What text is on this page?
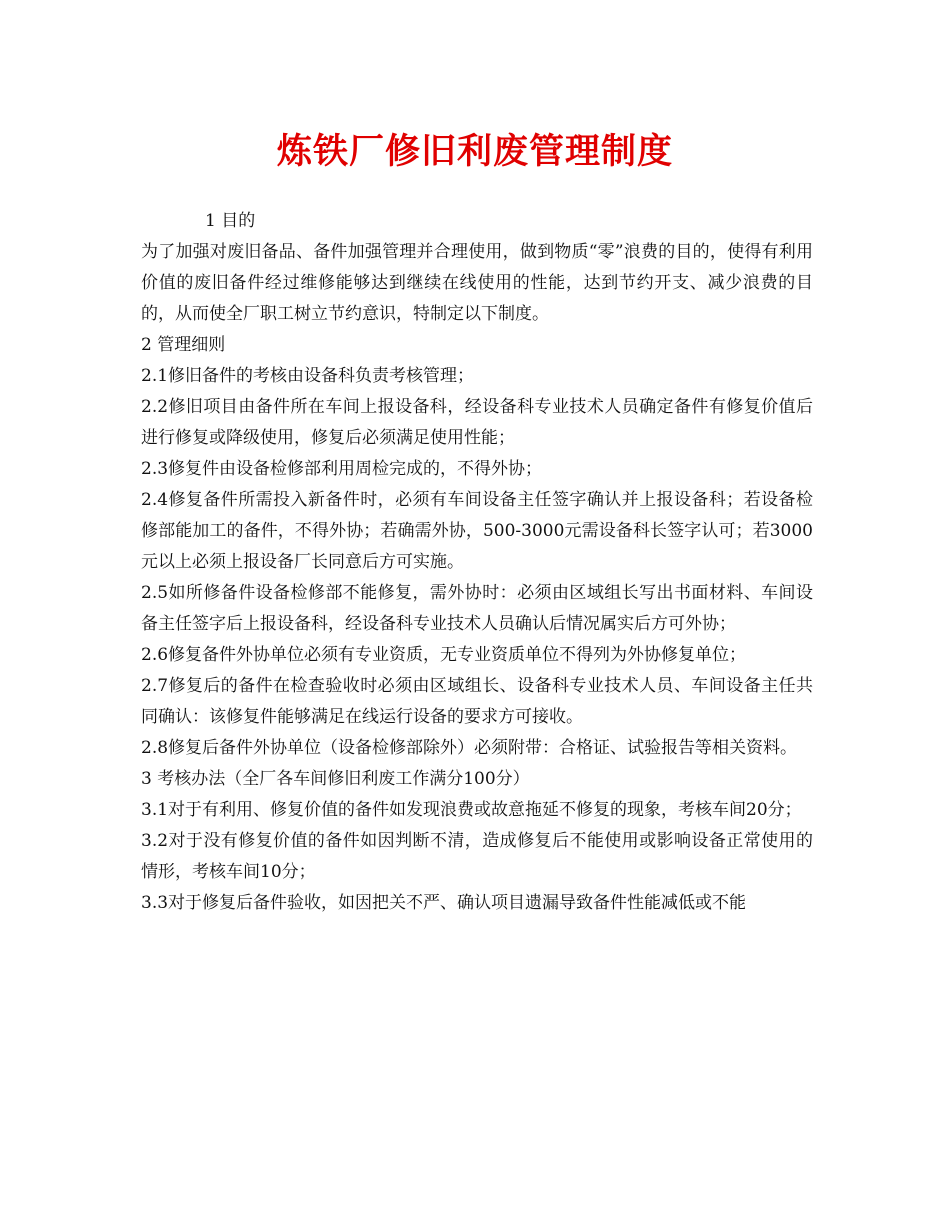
炼铁厂修旧利废管理制度

1 目的

为了加强对废旧备品、备件加强管理并合理使用，做到物质“零”浪费的目的，使得有利用价值的废旧备件经过维修能够达到继续在线使用的性能，达到节约开支、减少浪费的目的，从而使全厂职工树立节约意识，特制定以下制度。

2 管理细则

2.1修旧备件的考核由设备科负责考核管理；

2.2修旧项目由备件所在车间上报设备科，经设备科专业技术人员确定备件有修复价值后进行修复或降级使用，修复后必须满足使用性能；

2.3修复件由设备检修部利用周检完成的，不得外协；

2.4修复备件所需投入新备件时，必须有车间设备主任签字确认并上报设备科；若设备检修部能加工的备件，不得外协；若确需外协，500-3000元需设备科长签字认可；若3000元以上必须上报设备厂长同意后方可实施。

2.5如所修备件设备检修部不能修复，需外协时：必须由区域组长写出书面材料、车间设备主任签字后上报设备科，经设备科专业技术人员确认后情况属实后方可外协；

2.6修复备件外协单位必须有专业资质，无专业资质单位不得列为外协修复单位；

2.7修复后的备件在检查验收时必须由区域组长、设备科专业技术人员、车间设备主任共同确认：该修复件能够满足在线运行设备的要求方可接收。

2.8修复后备件外协单位（设备检修部除外）必须附带：合格证、试验报告等相关资料。

3 考核办法（全厂各车间修旧利废工作满分100分）

3.1对于有利用、修复价值的备件如发现浪费或故意拖延不修复的现象，考核车间20分；

3.2对于没有修复价值的备件如因判断不清，造成修复后不能使用或影响设备正常使用的情形，考核车间10分；

3.3对于修复后备件验收，如因把关不严、确认项目遗漏导致备件性能减低或不能
